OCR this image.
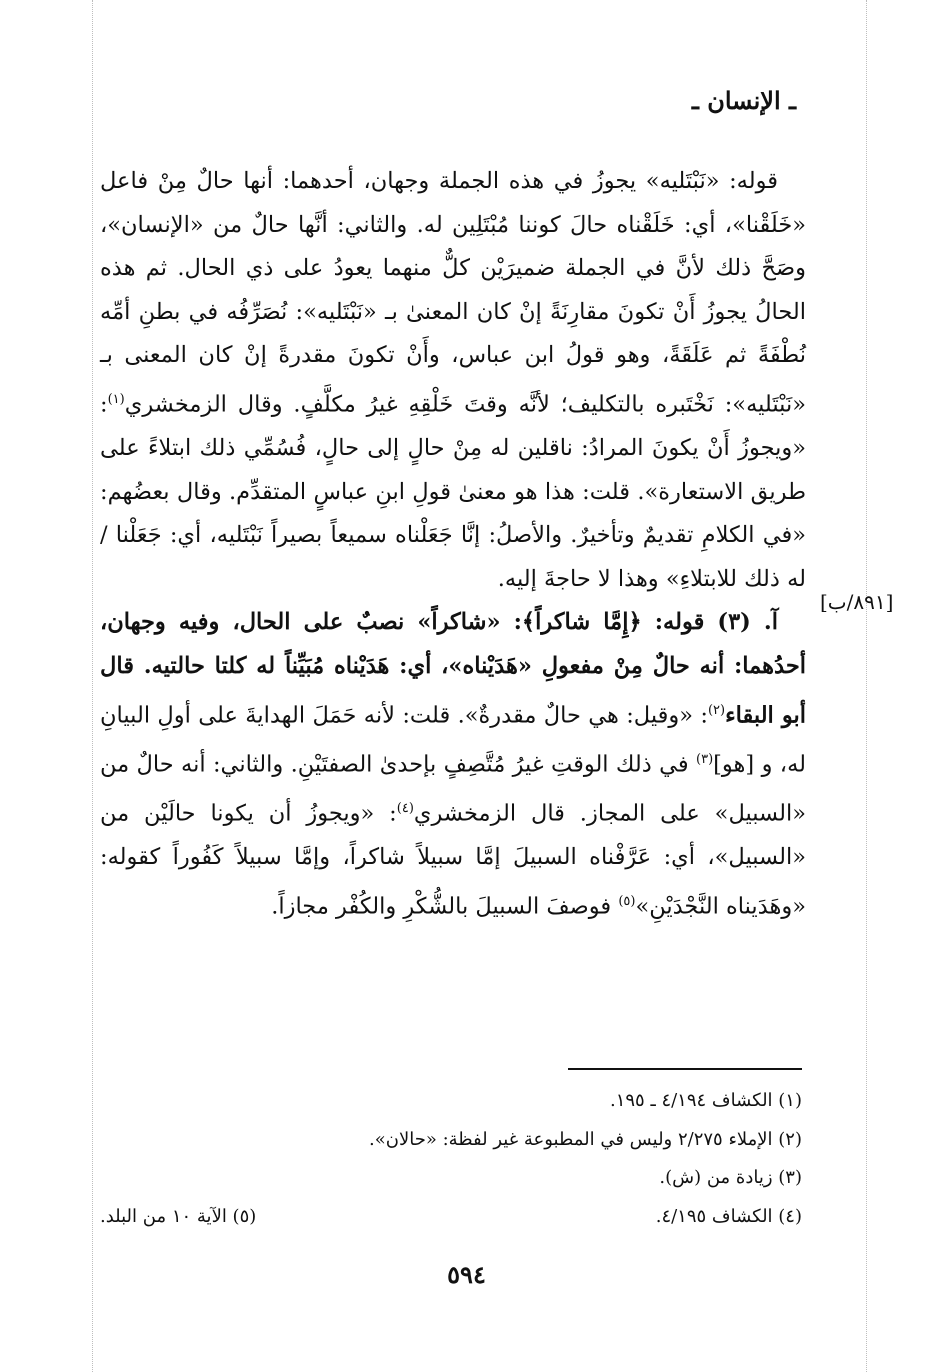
ـ الإنسان ـ

قوله: «نَبْتَليه» يجوزُ في هذه الجملة وجهان، أحدهما: أنها حالٌ مِنْ فاعل «خَلَقْنا»، أي: خَلَقْناه حالَ كوننا مُبْتَلِين له. والثاني: أنَّها حالٌ من «الإنسان»، وصَحَّ ذلك لأنَّ في الجملة ضميرَيْن كلٌّ منهما يعودُ على ذي الحال. ثم هذه الحالُ يجوزُ أَنْ تكونَ مقارِنَةً إنْ كان المعنىٰ بـ «نَبْتَليه»: نُصَرِّفُه في بطنِ أمِّه نُطْفَةً ثم عَلَقَةً، وهو قولُ ابن عباس، وأَنْ تكونَ مقدرةً إنْ كان المعنى بـ «نَبْتَليه»: نَخْتَبره بالتكليف؛ لأنَّه وقتَ خَلْقِهِ غيرُ مكلَّفٍ. وقال الزمخشري$^{(١)}$: «ويجوزُ أَنْ يكونَ المرادُ: ناقلين له مِنْ حالٍ إلى حالٍ، فُسُمِّي ذلك ابتلاءً على طريق الاستعارة». قلت: هذا هو معنىٰ قولِ ابنِ عباسٍ المتقدِّم. وقال بعضُهم: «في الكلامِ تقديمٌ وتأخيرٌ. والأصلُ: إنَّا جَعَلْناه سميعاً بصيراً نَبْتَليه، أي: جَعَلْنا / له ذلك للابتلاءِ» وهذا لا حاجةَ إليه.

آ. (٣) قوله: ﴿إِمَّا شاكراً﴾: «شاكراً» نصبٌ على الحال، وفيه وجهان، أحدُهما: أنه حالٌ مِنْ مفعولِ «هَدَيْناه»، أي: هَدَيْناه مُبَيِّناً له كلتا حالتيه. قال أبو البقاء$^{(٢)}$: «وقيل: هي حالٌ مقدرةٌ». قلت: لأنه حَمَلَ الهدايةَ على أولِ البيانِ له، و [هو]$^{(٣)}$ في ذلك الوقتِ غيرُ مُتَّصِفٍ بإحدىٰ الصفتَيْنِ. والثاني: أنه حالٌ من «السبيل» على المجاز. قال الزمخشري$^{(٤)}$: «ويجوزُ أن يكونا حالَيْن من «السبيل»، أي: عَرَّفْناه السبيلَ إمَّا سبيلاً شاكراً، وإمَّا سبيلاً كَفُوراً كقوله: «وهَدَيناه النَّجْدَيْنِ»$^{(٥)}$ فوصفَ السبيلَ بالشُّكْرِ والكُفْر مجازاً.

[٨٩١/ب]
(١) الكشاف ٤/١٩٤ ـ ١٩٥.
(٢) الإملاء ٢/٢٧٥ وليس في المطبوعة غير لفظة: «حالان».
(٣) زيادة من (ش).
(٤) الكشاف ٤/١٩٥.
(٥) الآية ١٠ من البلد.
٥٩٤
